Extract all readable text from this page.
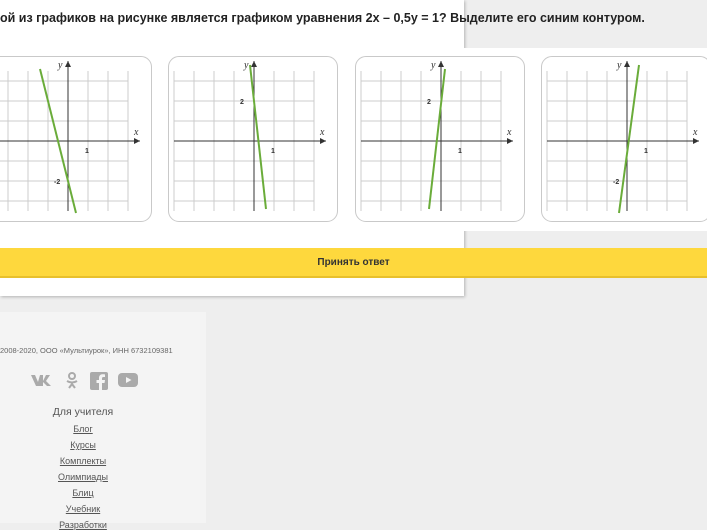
ой из графиков на рисунке является графиком уравнения 2x – 0,5y = 1? Выделите его синим контуром.

y
x
1
-2
y
x
1
2
y
x
1
2
y
x
1
-2
Принять ответ
2008-2020, ООО «Мультиурок», ИНН 6732109381
Для учителя
Блог
Курсы
Комплекты
Олимпиады
Блиц
Учебник
Разработки
